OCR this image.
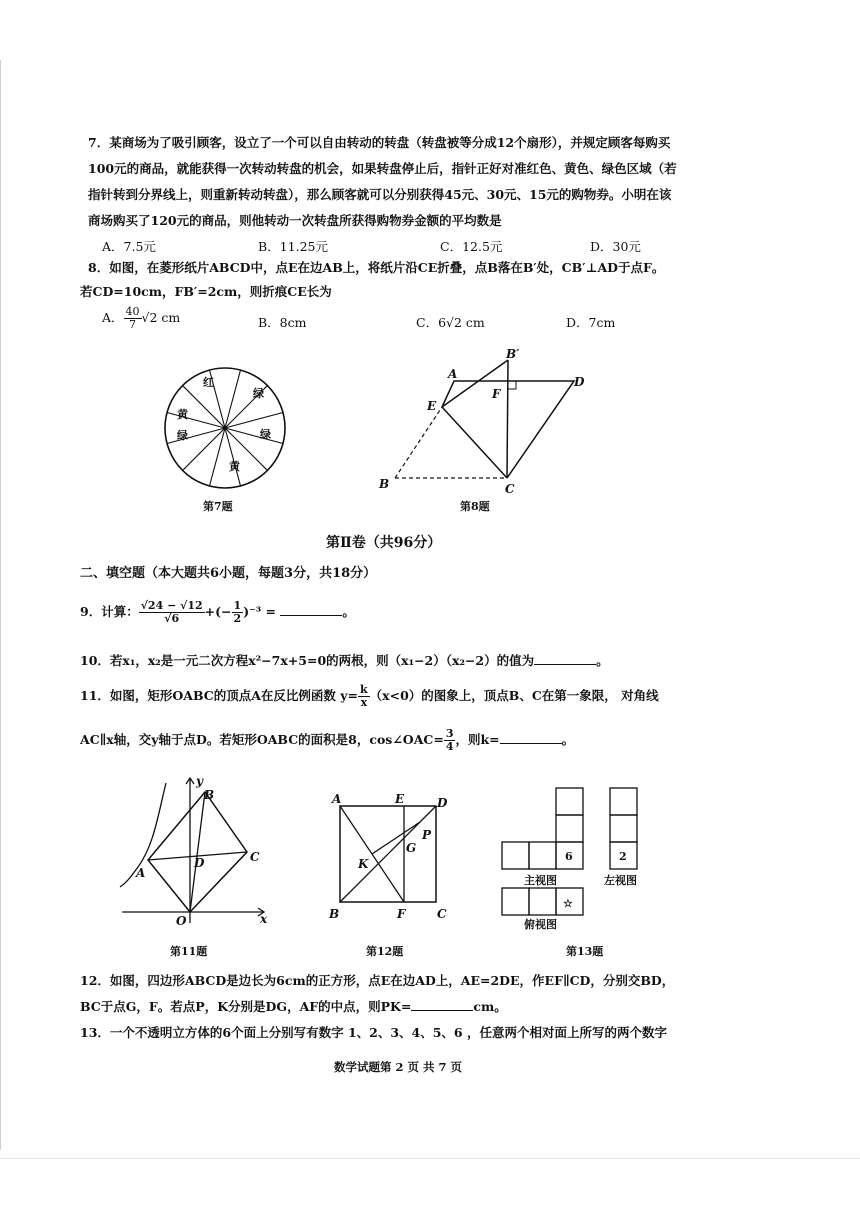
7．某商场为了吸引顾客，设立了一个可以自由转动的转盘（转盘被等分成12个扇形），并规定顾客每购买
100元的商品，就能获得一次转动转盘的机会，如果转盘停止后，指针正好对准红色、黄色、绿色区域（若
指针转到分界线上，则重新转动转盘），那么顾客就可以分别获得45元、30元、15元的购物券。小明在该
商场购买了120元的商品，则他转动一次转盘所获得购物券金额的平均数是
A．7.5元	B．11.25元	C．12.5元	D．30元
8．如图，在菱形纸片ABCD中，点E在边AB上，将纸片沿CE折叠，点B落在B′处，CB′⊥AD于点F。
若CD=10cm，FB′=2cm，则折痕CE长为
A． $\frac{40}{7} √2$ cm	B．8cm	C．6√2 cm	D．7cm
红
绿
黄
绿	绿
黄
第7题
B′
A
D
F
E
B	C
第8题
第Ⅱ卷（共96分）
二、填空题（本大题共6小题，每题3分，共18分）
9．计算： $\frac{√24 - √12}{√6}$ +(− $\frac{1}{2} )^{-3}$ =	。
10．若x₁，x₂是一元二次方程x²−7x+5=0的两根，则（x₁−2）（x₂−2）的值为	。
11．如图，矩形OABC的顶点A在反比例函数 $y= \frac{k}{x} (x<0)$的图象上，顶点B、C在第一象限， 对角线
AC∥x轴，交y轴于点D。若矩形OABC的面积是8，cos∠OAC= $\frac{3}{4}$ ，则k=	。
y
B
D	C
A
O	x
第11题
A	E	D
P
G
K
B	F	C
第12题
6	2
☆
主视图	左视图
俯视图
第13题
12．如图，四边形ABCD是边长为6cm的正方形，点E在边AD上，AE=2DE，作EF∥CD，分别交BD，
BC于点G，F。若点P，K分别是DG，AF的中点，则PK=	cm。
13．一个不透明立方体的6个面上分别写有数字 1、2、3、4、5、6 ，任意两个相对面上所写的两个数字
数学试题第 2 页 共 7 页
